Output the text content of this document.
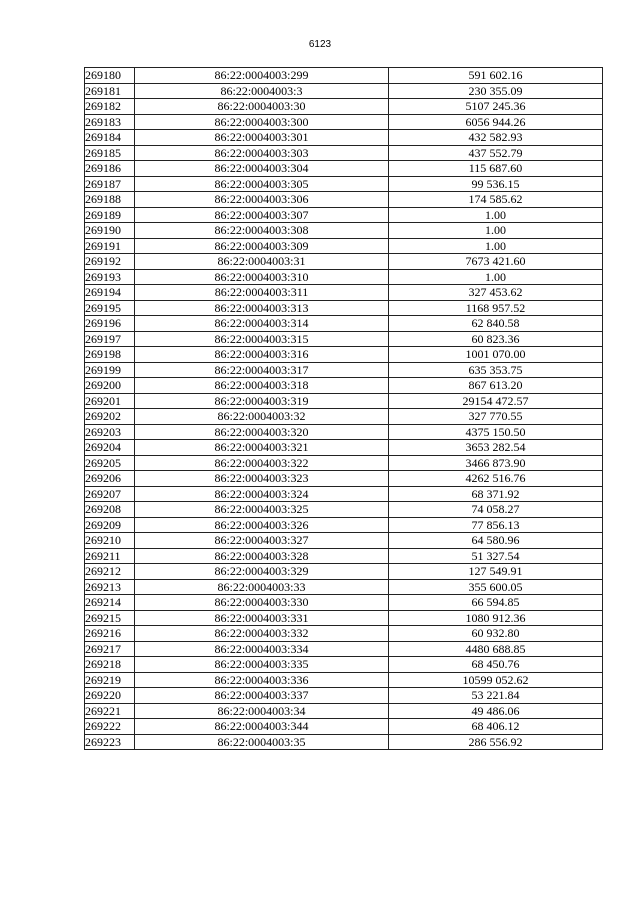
6123
269180	86:22:0004003:299	591 602.16
269181	86:22:0004003:3	230 355.09
269182	86:22:0004003:30	5107 245.36
269183	86:22:0004003:300	6056 944.26
269184	86:22:0004003:301	432 582.93
269185	86:22:0004003:303	437 552.79
269186	86:22:0004003:304	115 687.60
269187	86:22:0004003:305	99 536.15
269188	86:22:0004003:306	174 585.62
269189	86:22:0004003:307	1.00
269190	86:22:0004003:308	1.00
269191	86:22:0004003:309	1.00
269192	86:22:0004003:31	7673 421.60
269193	86:22:0004003:310	1.00
269194	86:22:0004003:311	327 453.62
269195	86:22:0004003:313	1168 957.52
269196	86:22:0004003:314	62 840.58
269197	86:22:0004003:315	60 823.36
269198	86:22:0004003:316	1001 070.00
269199	86:22:0004003:317	635 353.75
269200	86:22:0004003:318	867 613.20
269201	86:22:0004003:319	29154 472.57
269202	86:22:0004003:32	327 770.55
269203	86:22:0004003:320	4375 150.50
269204	86:22:0004003:321	3653 282.54
269205	86:22:0004003:322	3466 873.90
269206	86:22:0004003:323	4262 516.76
269207	86:22:0004003:324	68 371.92
269208	86:22:0004003:325	74 058.27
269209	86:22:0004003:326	77 856.13
269210	86:22:0004003:327	64 580.96
269211	86:22:0004003:328	51 327.54
269212	86:22:0004003:329	127 549.91
269213	86:22:0004003:33	355 600.05
269214	86:22:0004003:330	66 594.85
269215	86:22:0004003:331	1080 912.36
269216	86:22:0004003:332	60 932.80
269217	86:22:0004003:334	4480 688.85
269218	86:22:0004003:335	68 450.76
269219	86:22:0004003:336	10599 052.62
269220	86:22:0004003:337	53 221.84
269221	86:22:0004003:34	49 486.06
269222	86:22:0004003:344	68 406.12
269223	86:22:0004003:35	286 556.92
